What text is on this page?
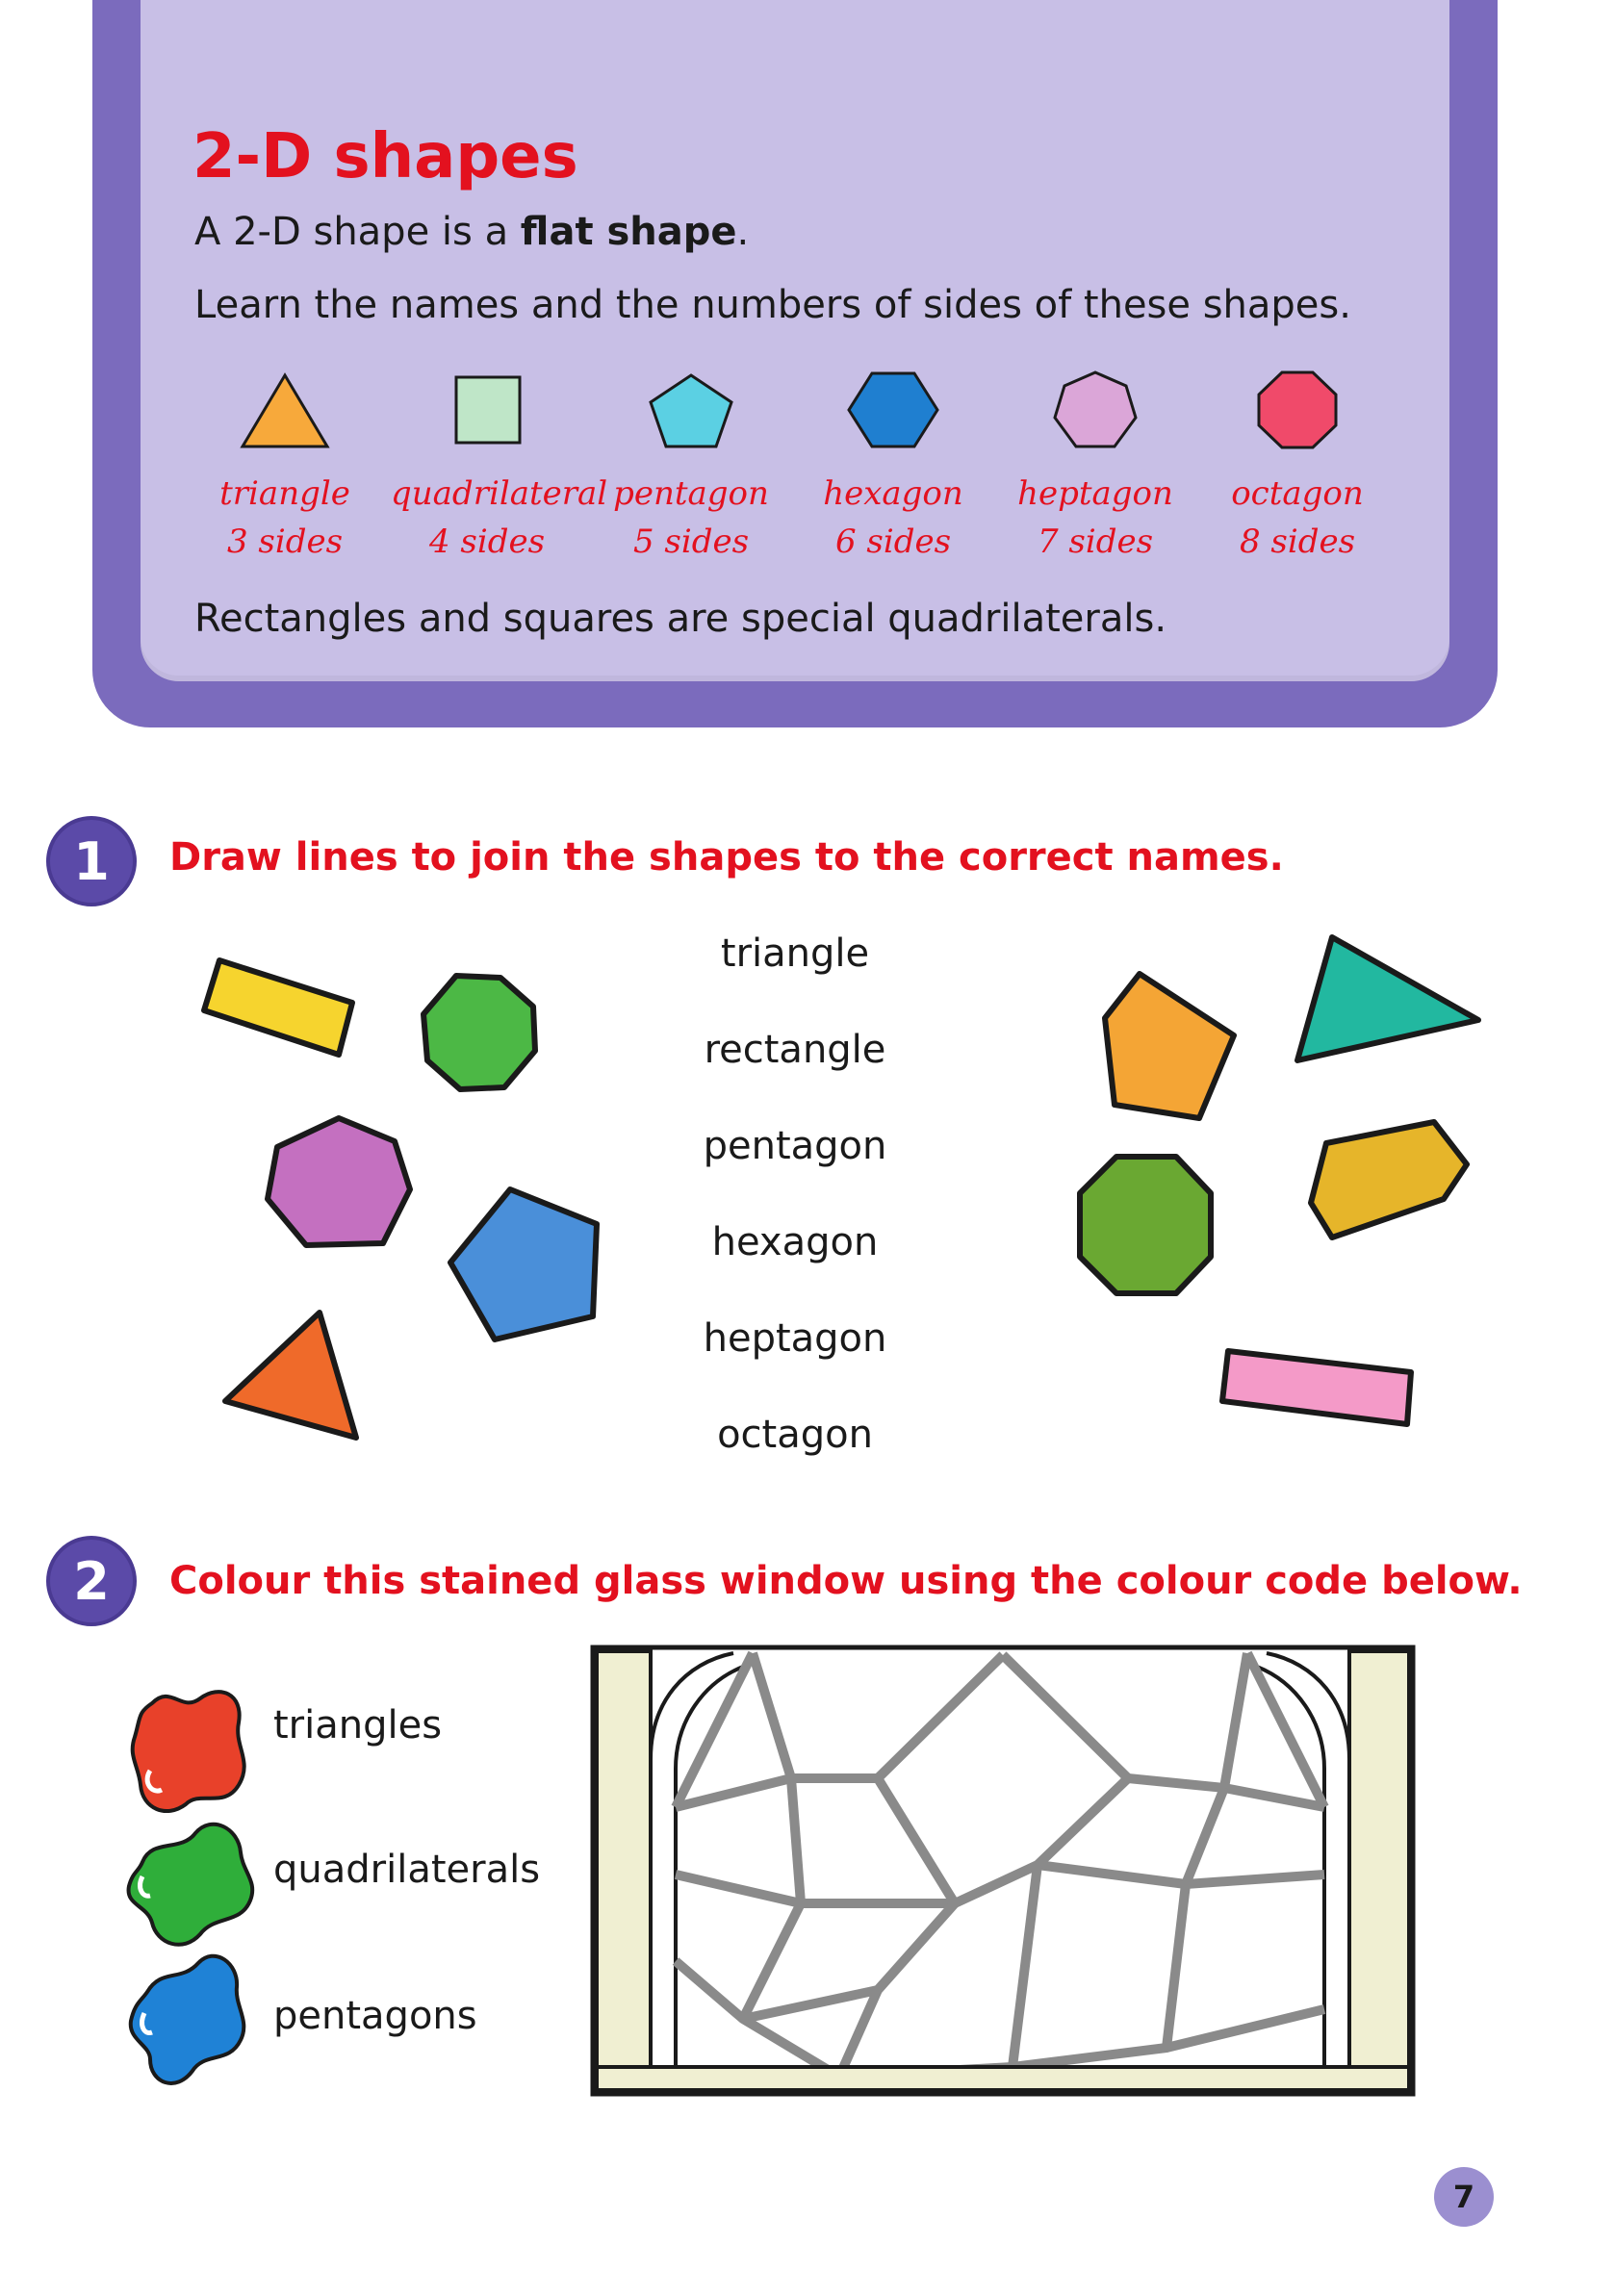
2-D shapes
A 2-D shape is a flat shape.
Learn the names and the numbers of sides of these shapes.
triangle
3 sides
quadrilateral
4 sides
pentagon
5 sides
hexagon
6 sides
heptagon
7 sides
octagon
8 sides
Rectangles and squares are special quadrilaterals.
1	Draw lines to join the shapes to the correct names.
triangle
rectangle
pentagon
hexagon
heptagon
octagon
2	Colour this stained glass window using the colour code below.
triangles
quadrilaterals
pentagons
7
